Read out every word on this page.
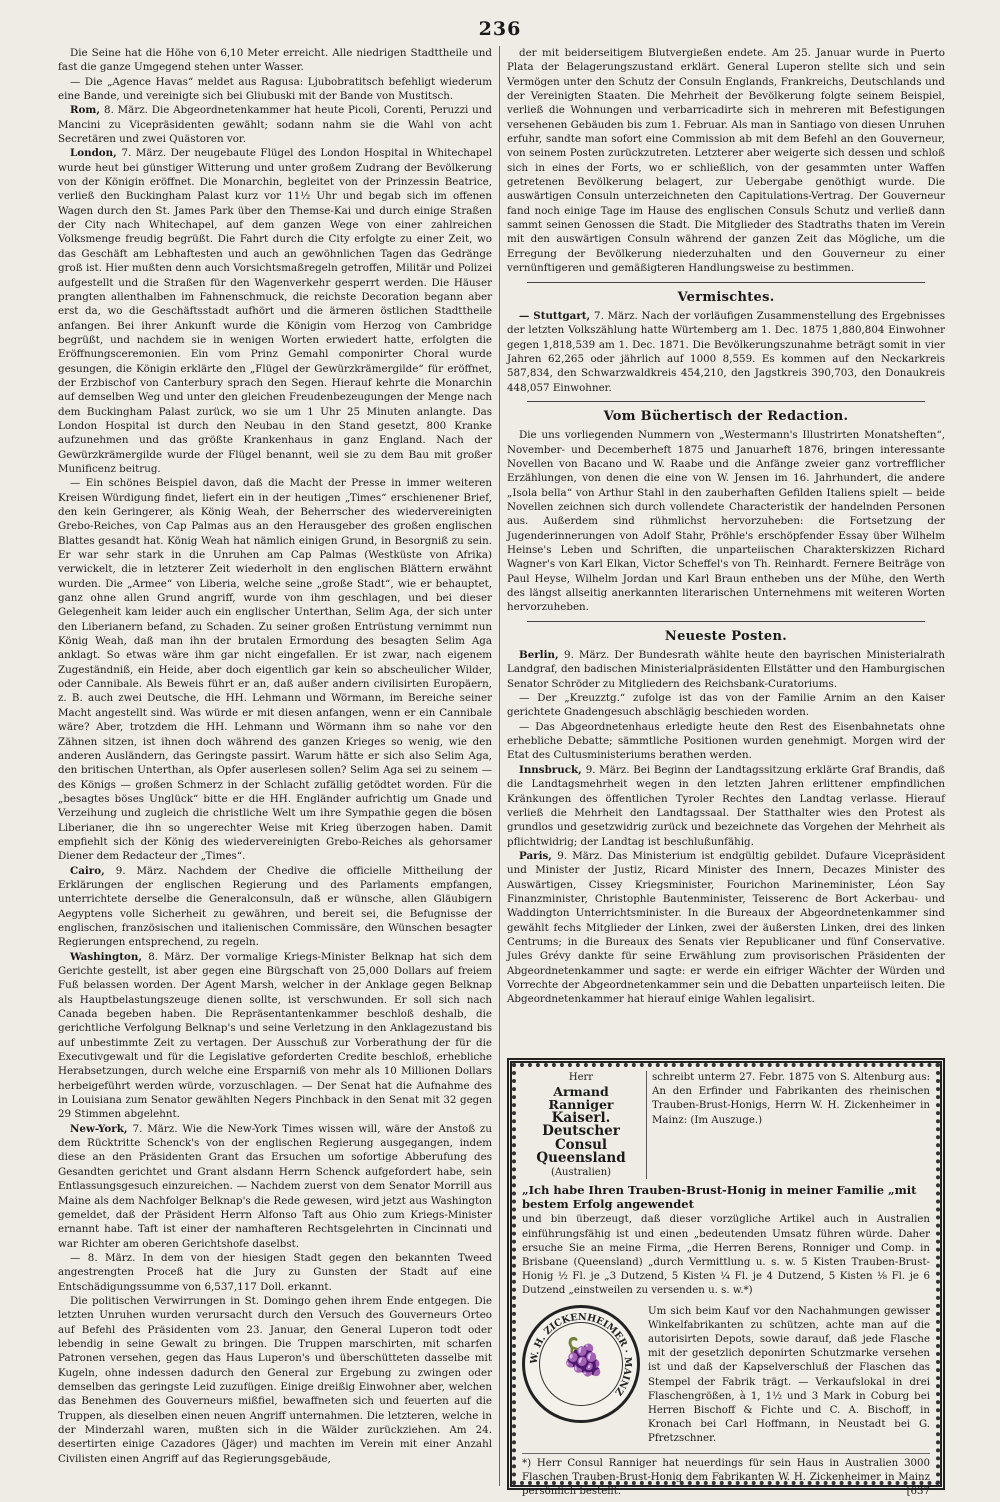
236

Die Seine hat die Höhe von 6,10 Meter erreicht. Alle niedrigen Stadttheile und fast die ganze Umgegend stehen unter Wasser.

— Die „Agence Havas“ meldet aus Ragusa: Ljubobratitsch befehligt wiederum eine Bande, und vereinigte sich bei Gliubuski mit der Bande von Mustitsch.

Rom, 8. März. Die Abgeordnetenkammer hat heute Picoli, Corenti, Peruzzi und Mancini zu Vicepräsidenten gewählt; sodann nahm sie die Wahl von acht Secretären und zwei Quästoren vor.

London, 7. März. Der neugebaute Flügel des London Hospital in Whitechapel wurde heut bei günstiger Witterung und unter großem Zudrang der Bevölkerung von der Königin eröffnet. Die Monarchin, begleitet von der Prinzessin Beatrice, verließ den Buckingham Palast kurz vor 11½ Uhr und begab sich im offenen Wagen durch den St. James Park über den Themse-Kai und durch einige Straßen der City nach Whitechapel, auf dem ganzen Wege von einer zahlreichen Volksmenge freudig begrüßt. Die Fahrt durch die City erfolgte zu einer Zeit, wo das Geschäft am Lebhaftesten und auch an gewöhnlichen Tagen das Gedränge groß ist. Hier mußten denn auch Vorsichtsmaßregeln getroffen, Militär und Polizei aufgestellt und die Straßen für den Wagenverkehr gesperrt werden. Die Häuser prangten allenthalben im Fahnenschmuck, die reichste Decoration begann aber erst da, wo die Geschäftsstadt aufhört und die ärmeren östlichen Stadttheile anfangen. Bei ihrer Ankunft wurde die Königin vom Herzog von Cambridge begrüßt, und nachdem sie in wenigen Worten erwiedert hatte, erfolgten die Eröffnungsceremonien. Ein vom Prinz Gemahl componirter Choral wurde gesungen, die Königin erklärte den „Flügel der Gewürzkrämergilde“ für eröffnet, der Erzbischof von Canterbury sprach den Segen. Hierauf kehrte die Monarchin auf demselben Weg und unter den gleichen Freudenbezeugungen der Menge nach dem Buckingham Palast zurück, wo sie um 1 Uhr 25 Minuten anlangte. Das London Hospital ist durch den Neubau in den Stand gesetzt, 800 Kranke aufzunehmen und das größte Krankenhaus in ganz England. Nach der Gewürzkrämergilde wurde der Flügel benannt, weil sie zu dem Bau mit großer Munificenz beitrug.

— Ein schönes Beispiel davon, daß die Macht der Presse in immer weiteren Kreisen Würdigung findet, liefert ein in der heutigen „Times“ erschienener Brief, den kein Geringerer, als König Weah, der Beherrscher des wiedervereinigten Grebo-Reiches, von Cap Palmas aus an den Herausgeber des großen englischen Blattes gesandt hat. König Weah hat nämlich einigen Grund, in Besorgniß zu sein. Er war sehr stark in die Unruhen am Cap Palmas (Westküste von Afrika) verwickelt, die in letzterer Zeit wiederholt in den englischen Blättern erwähnt wurden. Die „Armee“ von Liberia, welche seine „große Stadt“, wie er behauptet, ganz ohne allen Grund angriff, wurde von ihm geschlagen, und bei dieser Gelegenheit kam leider auch ein englischer Unterthan, Selim Aga, der sich unter den Liberianern befand, zu Schaden. Zu seiner großen Entrüstung vernimmt nun König Weah, daß man ihn der brutalen Ermordung des besagten Selim Aga anklagt. So etwas wäre ihm gar nicht eingefallen. Er ist zwar, nach eigenem Zugeständniß, ein Heide, aber doch eigentlich gar kein so abscheulicher Wilder, oder Cannibale. Als Beweis führt er an, daß außer andern civilisirten Europäern, z. B. auch zwei Deutsche, die HH. Lehmann und Wörmann, im Bereiche seiner Macht angestellt sind. Was würde er mit diesen anfangen, wenn er ein Cannibale wäre? Aber, trotzdem die HH. Lehmann und Wörmann ihm so nahe vor den Zähnen sitzen, ist ihnen doch während des ganzen Krieges so wenig, wie den anderen Ausländern, das Geringste passirt. Warum hätte er sich also Selim Aga, den britischen Unterthan, als Opfer auserlesen sollen? Selim Aga sei zu seinem — des Königs — großen Schmerz in der Schlacht zufällig getödtet worden. Für die „besagtes böses Unglück“ bitte er die HH. Engländer aufrichtig um Gnade und Verzeihung und zugleich die christliche Welt um ihre Sympathie gegen die bösen Liberianer, die ihn so ungerechter Weise mit Krieg überzogen haben. Damit empfiehlt sich der König des wiedervereinigten Grebo-Reiches als gehorsamer Diener dem Redacteur der „Times“.

Cairo, 9. März. Nachdem der Chedive die officielle Mittheilung der Erklärungen der englischen Regierung und des Parlaments empfangen, unterrichtete derselbe die Generalconsuln, daß er wünsche, allen Gläubigern Aegyptens volle Sicherheit zu gewähren, und bereit sei, die Befugnisse der englischen, französischen und italienischen Commissäre, den Wünschen besagter Regierungen entsprechend, zu regeln.

Washington, 8. März. Der vormalige Kriegs-Minister Belknap hat sich dem Gerichte gestellt, ist aber gegen eine Bürgschaft von 25,000 Dollars auf freiem Fuß belassen worden. Der Agent Marsh, welcher in der Anklage gegen Belknap als Hauptbelastungszeuge dienen sollte, ist verschwunden. Er soll sich nach Canada begeben haben. Die Repräsentantenkammer beschloß deshalb, die gerichtliche Verfolgung Belknap's und seine Verletzung in den Anklagezustand bis auf unbestimmte Zeit zu vertagen. Der Ausschuß zur Vorberathung der für die Executivgewalt und für die Legislative geforderten Credite beschloß, erhebliche Herabsetzungen, durch welche eine Ersparniß von mehr als 10 Millionen Dollars herbeigeführt werden würde, vorzuschlagen. — Der Senat hat die Aufnahme des in Louisiana zum Senator gewählten Negers Pinchback in den Senat mit 32 gegen 29 Stimmen abgelehnt.

New-York, 7. März. Wie die New-York Times wissen will, wäre der Anstoß zu dem Rücktritte Schenck's von der englischen Regierung ausgegangen, indem diese an den Präsidenten Grant das Ersuchen um sofortige Abberufung des Gesandten gerichtet und Grant alsdann Herrn Schenck aufgefordert habe, sein Entlassungsgesuch einzureichen. — Nachdem zuerst von dem Senator Morrill aus Maine als dem Nachfolger Belknap's die Rede gewesen, wird jetzt aus Washington gemeldet, daß der Präsident Herrn Alfonso Taft aus Ohio zum Kriegs-Minister ernannt habe. Taft ist einer der namhafteren Rechtsgelehrten in Cincinnati und war Richter am oberen Gerichtshofe daselbst.

— 8. März. In dem von der hiesigen Stadt gegen den bekannten Tweed angestrengten Proceß hat die Jury zu Gunsten der Stadt auf eine Entschädigungssumme von 6,537,117 Doll. erkannt.

Die politischen Verwirrungen in St. Domingo gehen ihrem Ende entgegen. Die letzten Unruhen wurden verursacht durch den Versuch des Gouverneurs Orteo auf Befehl des Präsidenten vom 23. Januar, den General Luperon todt oder lebendig in seine Gewalt zu bringen. Die Truppen marschirten, mit scharfen Patronen versehen, gegen das Haus Luperon's und überschütteten dasselbe mit Kugeln, ohne indessen dadurch den General zur Ergebung zu zwingen oder demselben das geringste Leid zuzufügen. Einige dreißig Einwohner aber, welchen das Benehmen des Gouverneurs mißfiel, bewaffneten sich und feuerten auf die Truppen, als dieselben einen neuen Angriff unternahmen. Die letzteren, welche in der Minderzahl waren, mußten sich in die Wälder zurückziehen. Am 24. desertirten einige Cazadores (Jäger) und machten im Verein mit einer Anzahl Civilisten einen Angriff auf das Regierungsgebäude,

der mit beiderseitigem Blutvergießen endete. Am 25. Januar wurde in Puerto Plata der Belagerungszustand erklärt. General Luperon stellte sich und sein Vermögen unter den Schutz der Consuln Englands, Frankreichs, Deutschlands und der Vereinigten Staaten. Die Mehrheit der Bevölkerung folgte seinem Beispiel, verließ die Wohnungen und verbarricadirte sich in mehreren mit Befestigungen versehenen Gebäuden bis zum 1. Februar. Als man in Santiago von diesen Unruhen erfuhr, sandte man sofort eine Commission ab mit dem Befehl an den Gouverneur, von seinem Posten zurückzutreten. Letzterer aber weigerte sich dessen und schloß sich in eines der Forts, wo er schließlich, von der gesammten unter Waffen getretenen Bevölkerung belagert, zur Uebergabe genöthigt wurde. Die auswärtigen Consuln unterzeichneten den Capitulations-Vertrag. Der Gouverneur fand noch einige Tage im Hause des englischen Consuls Schutz und verließ dann sammt seinen Genossen die Stadt. Die Mitglieder des Stadtraths thaten im Verein mit den auswärtigen Consuln während der ganzen Zeit das Mögliche, um die Erregung der Bevölkerung niederzuhalten und den Gouverneur zu einer vernünftigeren und gemäßigteren Handlungsweise zu bestimmen.

Vermischtes.

— Stuttgart, 7. März. Nach der vorläufigen Zusammenstellung des Ergebnisses der letzten Volkszählung hatte Würtemberg am 1. Dec. 1875 1,880,804 Einwohner gegen 1,818,539 am 1. Dec. 1871. Die Bevölkerungszunahme beträgt somit in vier Jahren 62,265 oder jährlich auf 1000 8,559. Es kommen auf den Neckarkreis 587,834, den Schwarzwaldkreis 454,210, den Jagstkreis 390,703, den Donaukreis 448,057 Einwohner.

Vom Büchertisch der Redaction.

Die uns vorliegenden Nummern von „Westermann's Illustrirten Monatsheften“, November- und Decemberheft 1875 und Januarheft 1876, bringen interessante Novellen von Bacano und W. Raabe und die Anfänge zweier ganz vortrefflicher Erzählungen, von denen die eine von W. Jensen im 16. Jahrhundert, die andere „Isola bella“ von Arthur Stahl in den zauberhaften Gefilden Italiens spielt — beide Novellen zeichnen sich durch vollendete Characteristik der handelnden Personen aus. Außerdem sind rühmlichst hervorzuheben: die Fortsetzung der Jugenderinnerungen von Adolf Stahr, Pröhle's erschöpfender Essay über Wilhelm Heinse's Leben und Schriften, die unparteiischen Charakterskizzen Richard Wagner's von Karl Elkan, Victor Scheffel's von Th. Reinhardt. Fernere Beiträge von Paul Heyse, Wilhelm Jordan und Karl Braun entheben uns der Mühe, den Werth des längst allseitig anerkannten literarischen Unternehmens mit weiteren Worten hervorzuheben.

Neueste Posten.

Berlin, 9. März. Der Bundesrath wählte heute den bayrischen Ministerialrath Landgraf, den badischen Ministerialpräsidenten Ellstätter und den Hamburgischen Senator Schröder zu Mitgliedern des Reichsbank-Curatoriums.

— Der „Kreuzztg.“ zufolge ist das von der Familie Arnim an den Kaiser gerichtete Gnadengesuch abschlägig beschieden worden.

— Das Abgeordnetenhaus erledigte heute den Rest des Eisenbahnetats ohne erhebliche Debatte; sämmtliche Positionen wurden genehmigt. Morgen wird der Etat des Cultusministeriums berathen werden.

Innsbruck, 9. März. Bei Beginn der Landtagssitzung erklärte Graf Brandis, daß die Landtagsmehrheit wegen in den letzten Jahren erlittener empfindlichen Kränkungen des öffentlichen Tyroler Rechtes den Landtag verlasse. Hierauf verließ die Mehrheit den Landtagssaal. Der Statthalter wies den Protest als grundlos und gesetzwidrig zurück und bezeichnete das Vorgehen der Mehrheit als pflichtwidrig; der Landtag ist beschlußunfähig.

Paris, 9. März. Das Ministerium ist endgültig gebildet. Dufaure Vicepräsident und Minister der Justiz, Ricard Minister des Innern, Decazes Minister des Auswärtigen, Cissey Kriegsminister, Fourichon Marineminister, Léon Say Finanzminister, Christophle Bautenminister, Teisserenc de Bort Ackerbau- und Waddington Unterrichtsminister. In die Bureaux der Abgeordnetenkammer sind gewählt fechs Mitglieder der Linken, zwei der äußersten Linken, drei des linken Centrums; in die Bureaux des Senats vier Republicaner und fünf Conservative. Jules Grévy dankte für seine Erwählung zum provisorischen Präsidenten der Abgeordnetenkammer und sagte: er werde ein eifriger Wächter der Würden und Vorrechte der Abgeordnetenkammer sein und die Debatten unparteiisch leiten. Die Abgeordnetenkammer hat hierauf einige Wahlen legalisirt.

Herr
Armand Ranniger
Kaiserl. Deutscher Consul
Queensland
(Australien)
schreibt unterm 27. Febr. 1875 von S. Altenburg aus: An den Erfinder und Fabrikanten des rheinischen Trauben-Brust-Honigs, Herrn W. H. Zickenheimer in Mainz: (Im Auszuge.)
„Ich habe Ihren Trauben-Brust-Honig in meiner Familie „mit bestem Erfolg angewendet
und bin überzeugt, daß dieser vorzügliche Artikel auch in Australien einführungsfähig ist und einen „bedeutenden Umsatz führen würde. Daher ersuche Sie an meine Firma, „die Herren Berens, Ronniger und Comp. in Brisbane (Queensland) „durch Vermittlung u. s. w. 5 Kisten Trauben-Brust-Honig ½ Fl. je „3 Dutzend, 5 Kisten ¼ Fl. je 4 Dutzend, 5 Kisten ⅛ Fl. je 6 Dutzend „einstweilen zu versenden u. s. w.*)
W. H. ZICKENHEIMER · MAINZ
🍇
Um sich beim Kauf vor den Nachahmungen gewisser Winkelfabrikanten zu schützen, achte man auf die autorisirten Depots, sowie darauf, daß jede Flasche mit der gesetzlich deponirten Schutzmarke versehen ist und daß der Kapselverschluß der Flaschen das Stempel der Fabrik trägt. — Verkaufslokal in drei Flaschengrößen, à 1, 1½ und 3 Mark in Coburg bei Herren Bischoff & Fichte und C. A. Bischoff, in Kronach bei Carl Hoffmann, in Neustadt bei G. Pfretzschner.
*) Herr Consul Ranniger hat neuerdings für sein Haus in Australien 3000 Flaschen Trauben-Brust-Honig dem Fabrikanten W. H. Zickenheimer in Mainz persönlich bestellt.	[637
